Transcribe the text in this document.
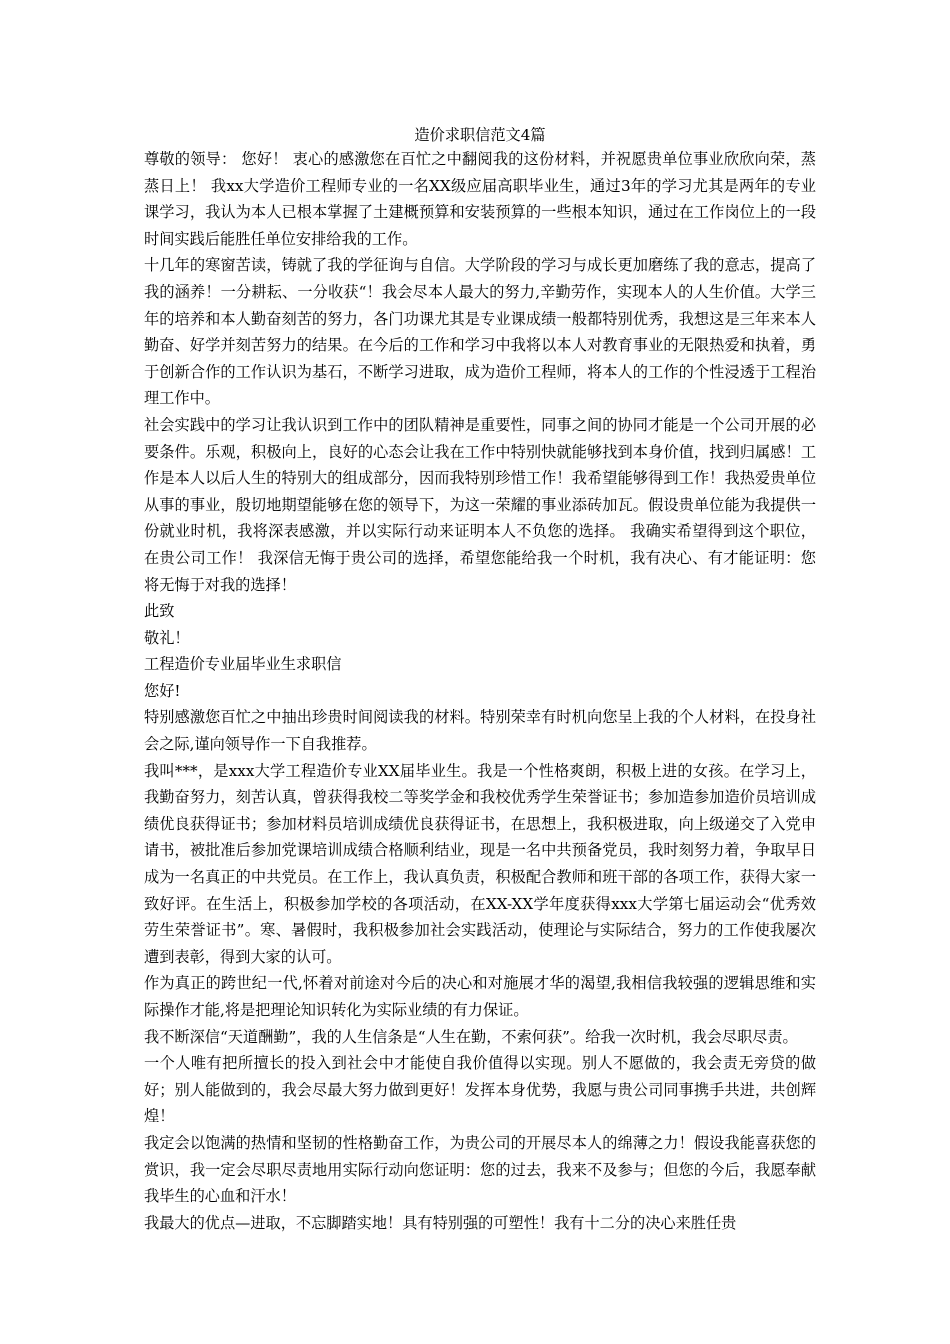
造价求职信范文4篇

尊敬的领导： 您好！ 衷心的感激您在百忙之中翻阅我的这份材料，并祝愿贵单位事业欣欣向荣，蒸蒸日上！ 我xx大学造价工程师专业的一名XX级应届高职毕业生，通过3年的学习尤其是两年的专业课学习，我认为本人已根本掌握了土建概预算和安装预算的一些根本知识，通过在工作岗位上的一段时间实践后能胜任单位安排给我的工作。

十几年的寒窗苦读，铸就了我的学征询与自信。大学阶段的学习与成长更加磨练了我的意志，提高了我的涵养！一分耕耘、一分收获“！我会尽本人最大的努力,辛勤劳作，实现本人的人生价值。大学三年的培养和本人勤奋刻苦的努力，各门功课尤其是专业课成绩一般都特别优秀，我想这是三年来本人勤奋、好学并刻苦努力的结果。在今后的工作和学习中我将以本人对教育事业的无限热爱和执着，勇于创新合作的工作认识为基石，不断学习进取，成为造价工程师，将本人的工作的个性浸透于工程治理工作中。

社会实践中的学习让我认识到工作中的团队精神是重要性，同事之间的协同才能是一个公司开展的必要条件。乐观，积极向上，良好的心态会让我在工作中特别快就能够找到本身价值，找到归属感！工作是本人以后人生的特别大的组成部分，因而我特别珍惜工作！我希望能够得到工作！我热爱贵单位从事的事业，殷切地期望能够在您的领导下，为这一荣耀的事业添砖加瓦。假设贵单位能为我提供一份就业时机，我将深表感激，并以实际行动来证明本人不负您的选择。 我确实希望得到这个职位，在贵公司工作！ 我深信无悔于贵公司的选择，希望您能给我一个时机，我有决心、有才能证明：您将无悔于对我的选择！

此致

敬礼！

工程造价专业届毕业生求职信

您好!

特别感激您百忙之中抽出珍贵时间阅读我的材料。特别荣幸有时机向您呈上我的个人材料，在投身社会之际,谨向领导作一下自我推荐。

我叫***，是xxx大学工程造价专业XX届毕业生。我是一个性格爽朗，积极上进的女孩。在学习上，我勤奋努力，刻苦认真，曾获得我校二等奖学金和我校优秀学生荣誉证书；参加造参加造价员培训成绩优良获得证书；参加材料员培训成绩优良获得证书，在思想上，我积极进取，向上级递交了入党申请书，被批准后参加党课培训成绩合格顺利结业，现是一名中共预备党员，我时刻努力着，争取早日成为一名真正的中共党员。在工作上，我认真负责，积极配合教师和班干部的各项工作，获得大家一致好评。在生活上，积极参加学校的各项活动，在XX-XX学年度获得xxx大学第七届运动会“优秀效劳生荣誉证书”。寒、暑假时，我积极参加社会实践活动，使理论与实际结合，努力的工作使我屡次遭到表彰，得到大家的认可。

作为真正的跨世纪一代,怀着对前途对今后的决心和对施展才华的渴望,我相信我较强的逻辑思维和实际操作才能,将是把理论知识转化为实际业绩的有力保证。

我不断深信“天道酬勤”，我的人生信条是“人生在勤，不索何获”。给我一次时机，我会尽职尽责。

一个人唯有把所擅长的投入到社会中才能使自我价值得以实现。别人不愿做的，我会责无旁贷的做好；别人能做到的，我会尽最大努力做到更好！发挥本身优势，我愿与贵公司同事携手共进，共创辉煌！

我定会以饱满的热情和坚韧的性格勤奋工作，为贵公司的开展尽本人的绵薄之力！假设我能喜获您的赏识，我一定会尽职尽责地用实际行动向您证明：您的过去，我来不及参与；但您的今后，我愿奉献我毕生的心血和汗水！

我最大的优点—进取，不忘脚踏实地！具有特别强的可塑性！我有十二分的决心来胜任贵
